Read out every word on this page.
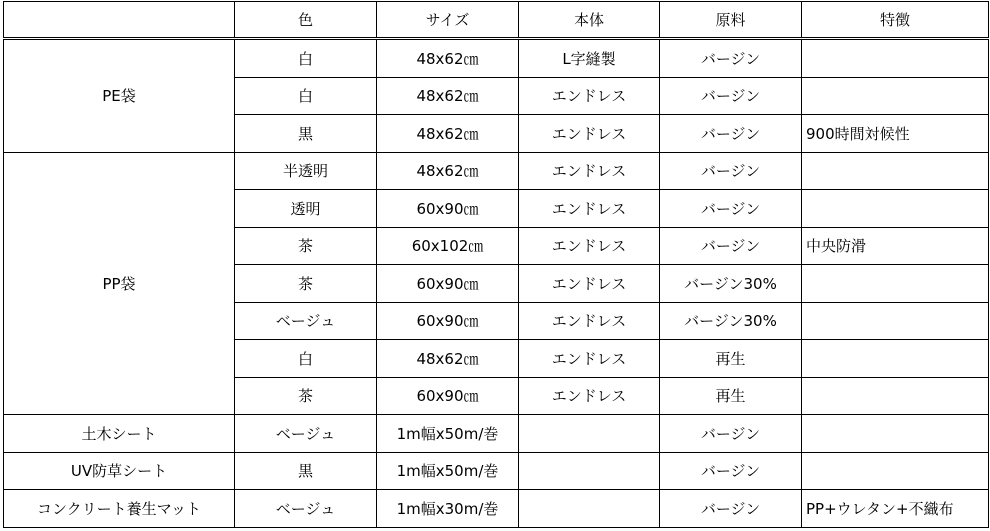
	色	サイズ	本体	原料	特徴
PE袋	白	48x62㎝	L字縫製	バージン	
	白	48x62㎝	エンドレス	バージン	
	黒	48x62㎝	エンドレス	バージン	900時間対候性
PP袋	半透明	48x62㎝	エンドレス	バージン	
	透明	60x90㎝	エンドレス	バージン	
	茶	60x102㎝	エンドレス	バージン	中央防滑
	茶	60x90㎝	エンドレス	バージン30%	
	ベージュ	60x90㎝	エンドレス	バージン30%	
	白	48x62㎝	エンドレス	再生	
	茶	60x90㎝	エンドレス	再生	
土木シート	ベージュ	1m幅x50m/巻		バージン	
UV防草シート	黒	1m幅x50m/巻		バージン	
コンクリート養生マット	ベージュ	1m幅x30m/巻		バージン	PP+ウレタン+不織布
